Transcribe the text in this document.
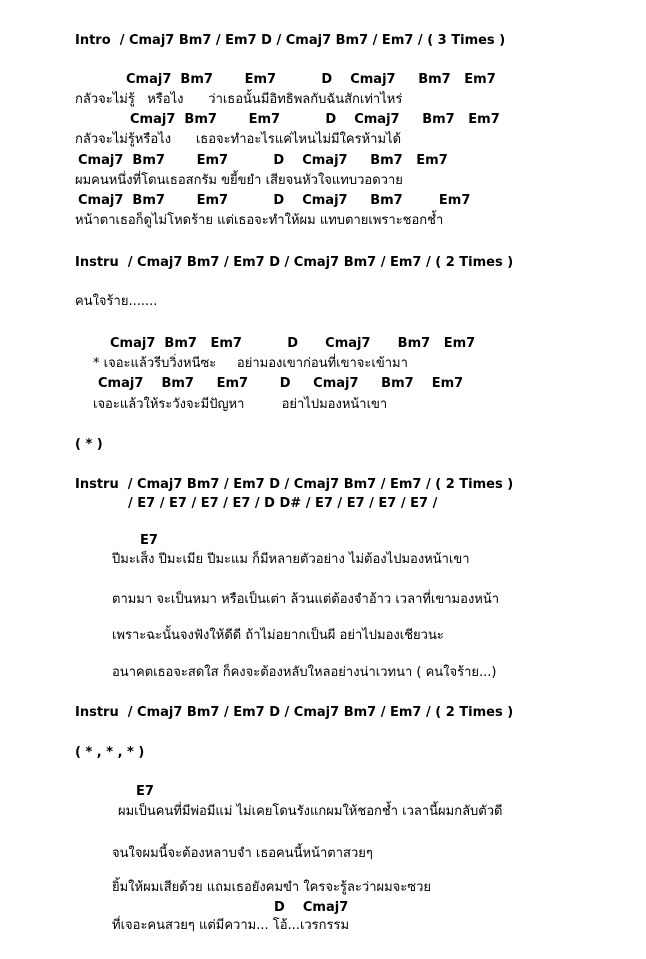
Intro  / Cmaj7 Bm7 / Em7 D / Cmaj7 Bm7 / Em7 / ( 3 Times )
Cmaj7  Bm7       Em7          D    Cmaj7     Bm7   Em7
กลัวจะไม่รู้   หรือไง      ว่าเธอนั้นมีอิทธิพลกับฉันสักเท่าไหร่
Cmaj7  Bm7       Em7          D    Cmaj7     Bm7   Em7
กลัวจะไม่รู้หรือไง      เธอจะทำอะไรแค่ไหนไม่มีใครห้ามได้
Cmaj7  Bm7       Em7          D    Cmaj7     Bm7   Em7
ผมคนหนึ่งที่โดนเธอสกรัม ขยี้ขยำ เสียจนหัวใจแทบวอดวาย
Cmaj7  Bm7       Em7          D    Cmaj7     Bm7        Em7
หน้าตาเธอก็ดูไม่โหดร้าย แต่เธอจะทำให้ผม แทบตายเพราะชอกช้ำ
Instru  / Cmaj7 Bm7 / Em7 D / Cmaj7 Bm7 / Em7 / ( 2 Times )
คนใจร้าย.......
Cmaj7  Bm7   Em7          D      Cmaj7      Bm7   Em7
* เจอะแล้วรีบวิ่งหนีซะ     อย่ามองเขาก่อนที่เขาจะเข้ามา
Cmaj7    Bm7     Em7       D     Cmaj7     Bm7    Em7
เจอะแล้วให้ระวังจะมีปัญหา         อย่าไปมองหน้าเขา
( * )
Instru  / Cmaj7 Bm7 / Em7 D / Cmaj7 Bm7 / Em7 / ( 2 Times )
/ E7 / E7 / E7 / E7 / D D# / E7 / E7 / E7 / E7 /
E7
ปีมะเส็ง ปีมะเมีย ปีมะแม ก็มีหลายตัวอย่าง ไม่ต้องไปมองหน้าเขา
ตามมา จะเป็นหมา หรือเป็นเต่า ล้วนแต่ต้องจำอ้าว เวลาที่เขามองหน้า
เพราะฉะนั้นจงฟังให้ดีดี ถ้าไม่อยากเป็นผี อย่าไปมองเชียวนะ
อนาคตเธอจะสดใส ก็คงจะต้องหลับใหลอย่างน่าเวทนา ( คนใจร้าย...)
Instru  / Cmaj7 Bm7 / Em7 D / Cmaj7 Bm7 / Em7 / ( 2 Times )
( * , * , * )
E7
ผมเป็นคนที่มีพ่อมีแม่ ไม่เคยโดนรังแกผมให้ชอกช้ำ เวลานี้ผมกลับตัวดี
จนใจผมนี้จะต้องหลาบจำ เธอคนนี้หน้าตาสวยๆ
ยิ้มให้ผมเสียด้วย แถมเธอยังคมขำ ใครจะรู้ละว่าผมจะซวย
D    Cmaj7
ที่เจอะคนสวยๆ แต่มีความ... โอ้...เวรกรรม
